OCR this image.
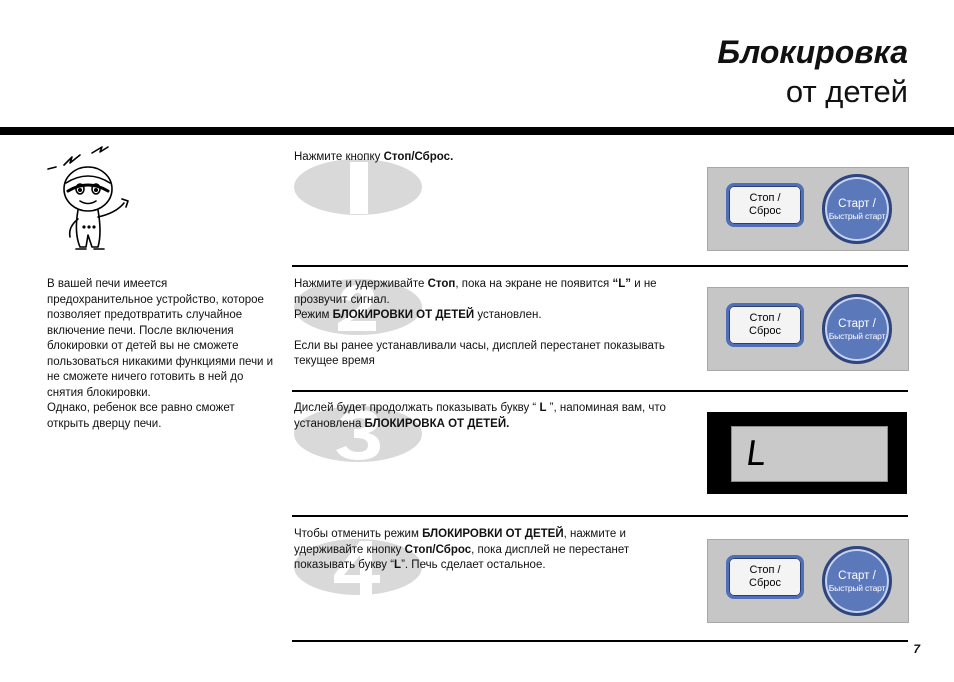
Блокировка
от детей

В вашей печи имеется предохранительное устройство, которое позволяет предотвратить случайное включение печи. После включения блокировки от детей вы не сможете пользоваться никакими функциями печи и не сможете ничего готовить в ней до снятия блокировки.

Однако, ребенок все равно сможет открыть дверцу печи.

Нажмите кнопку Стоп/Сброс.

Стоп /
Сброс
Старт /
Быстрый старт

Нажмите и удерживайте Стоп, пока на экране не появится “L” и не прозвучит сигнал.

Режим БЛОКИРОВКИ ОТ ДЕТЕЙ установлен.

Если вы ранее устанавливали часы, дисплей перестанет показывать текущее время

Стоп /
Сброс
Старт /
Быстрый старт

Дислей будет продолжать показывать букву “ L ”, напоминая вам, что установлена БЛОКИРОВКА ОТ ДЕТЕЙ.

L

Чтобы отменить режим БЛОКИРОВКИ ОТ ДЕТЕЙ, нажмите и удерживайте кнопку Стоп/Сброс, пока дисплей не перестанет показывать букву “L”. Печь сделает остальное.	Стоп /
Сброс
Старт /
Быстрый старт
7
